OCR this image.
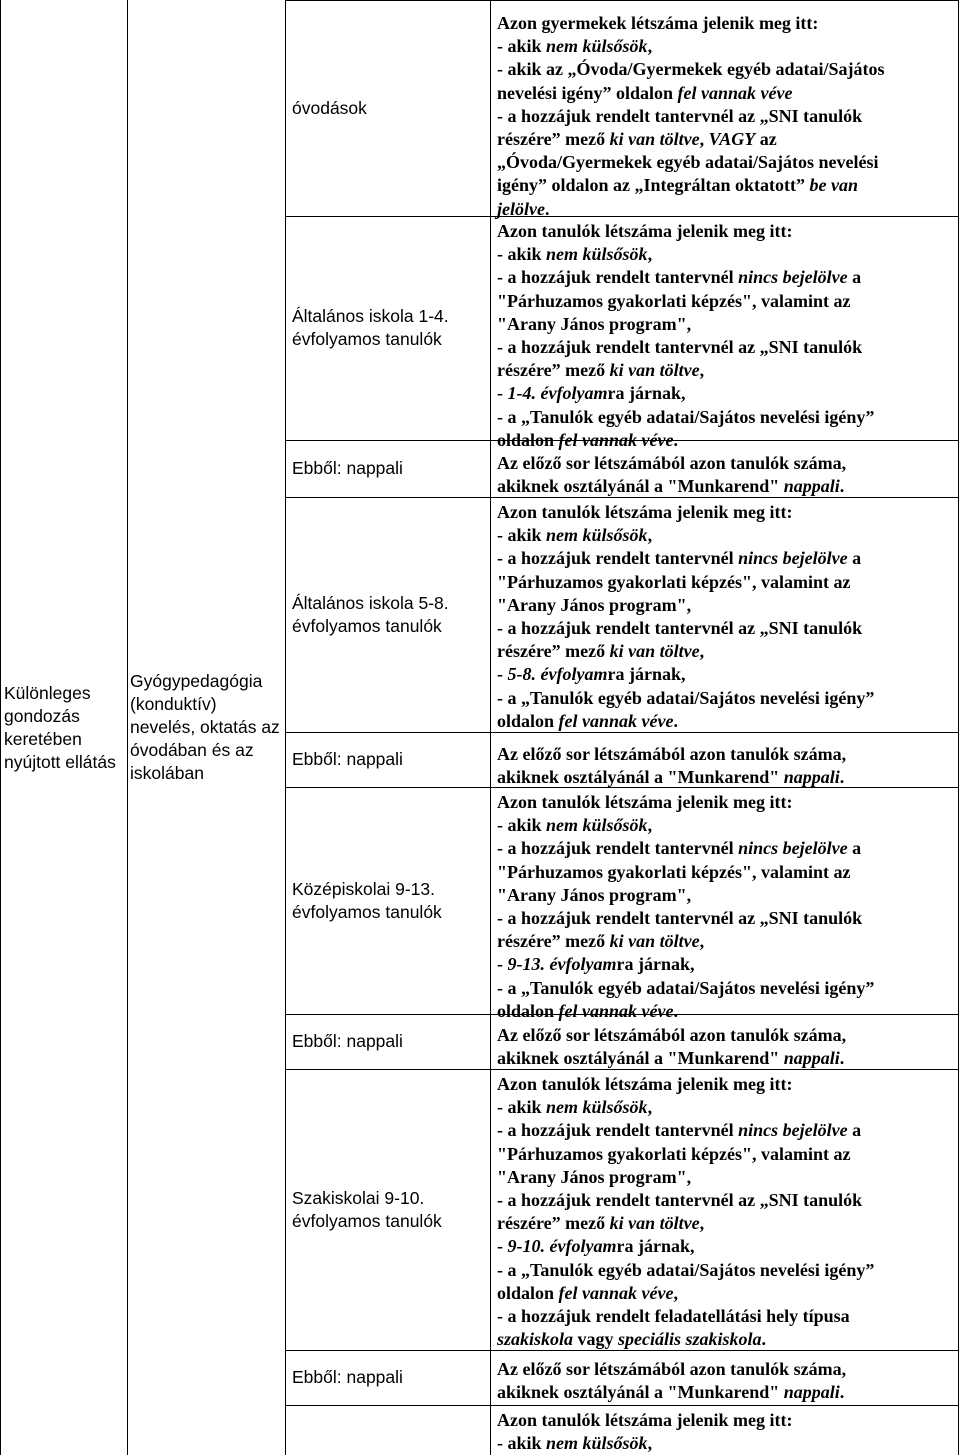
Különleges gondozás keretében nyújtott ellátás
Gyógypedagógia (konduktív) nevelés, oktatás az óvodában és az iskolában
óvodások
Általános iskola 1-4. évfolyamos tanulók
Ebből: nappali
Általános iskola 5-8. évfolyamos tanulók
Ebből: nappali
Középiskolai 9-13. évfolyamos tanulók
Ebből: nappali
Szakiskolai 9-10. évfolyamos tanulók
Ebből: nappali
Azon gyermekek létszáma jelenik meg itt:
- akik nem külsősök,
- akik az „Óvoda/Gyermekek egyéb adatai/Sajátos
nevelési igény” oldalon fel vannak véve
- a hozzájuk rendelt tantervnél az „SNI tanulók
részére” mező ki van töltve, VAGY az
„Óvoda/Gyermekek egyéb adatai/Sajátos nevelési
igény” oldalon az „Integráltan oktatott” be van
jelölve.
Azon tanulók létszáma jelenik meg itt:
- akik nem külsősök,
- a hozzájuk rendelt tantervnél nincs bejelölve a
"Párhuzamos gyakorlati képzés", valamint az
"Arany János program",
- a hozzájuk rendelt tantervnél az „SNI tanulók
részére” mező ki van töltve,
- 1-4. évfolyamra járnak,
- a „Tanulók egyéb adatai/Sajátos nevelési igény”
oldalon fel vannak véve.
Az előző sor létszámából azon tanulók száma,
akiknek osztályánál a "Munkarend" nappali.
Azon tanulók létszáma jelenik meg itt:
- akik nem külsősök,
- a hozzájuk rendelt tantervnél nincs bejelölve a
"Párhuzamos gyakorlati képzés", valamint az
"Arany János program",
- a hozzájuk rendelt tantervnél az „SNI tanulók
részére” mező ki van töltve,
- 5-8. évfolyamra járnak,
- a „Tanulók egyéb adatai/Sajátos nevelési igény”
oldalon fel vannak véve.
Az előző sor létszámából azon tanulók száma,
akiknek osztályánál a "Munkarend" nappali.
Azon tanulók létszáma jelenik meg itt:
- akik nem külsősök,
- a hozzájuk rendelt tantervnél nincs bejelölve a
"Párhuzamos gyakorlati képzés", valamint az
"Arany János program",
- a hozzájuk rendelt tantervnél az „SNI tanulók
részére” mező ki van töltve,
- 9-13. évfolyamra járnak,
- a „Tanulók egyéb adatai/Sajátos nevelési igény”
oldalon fel vannak véve.
Az előző sor létszámából azon tanulók száma,
akiknek osztályánál a "Munkarend" nappali.
Azon tanulók létszáma jelenik meg itt:
- akik nem külsősök,
- a hozzájuk rendelt tantervnél nincs bejelölve a
"Párhuzamos gyakorlati képzés", valamint az
"Arany János program",
- a hozzájuk rendelt tantervnél az „SNI tanulók
részére” mező ki van töltve,
- 9-10. évfolyamra járnak,
- a „Tanulók egyéb adatai/Sajátos nevelési igény”
oldalon fel vannak véve,
- a hozzájuk rendelt feladatellátási hely típusa
szakiskola vagy speciális szakiskola.
Az előző sor létszámából azon tanulók száma,
akiknek osztályánál a "Munkarend" nappali.
Azon tanulók létszáma jelenik meg itt:
- akik nem külsősök,
